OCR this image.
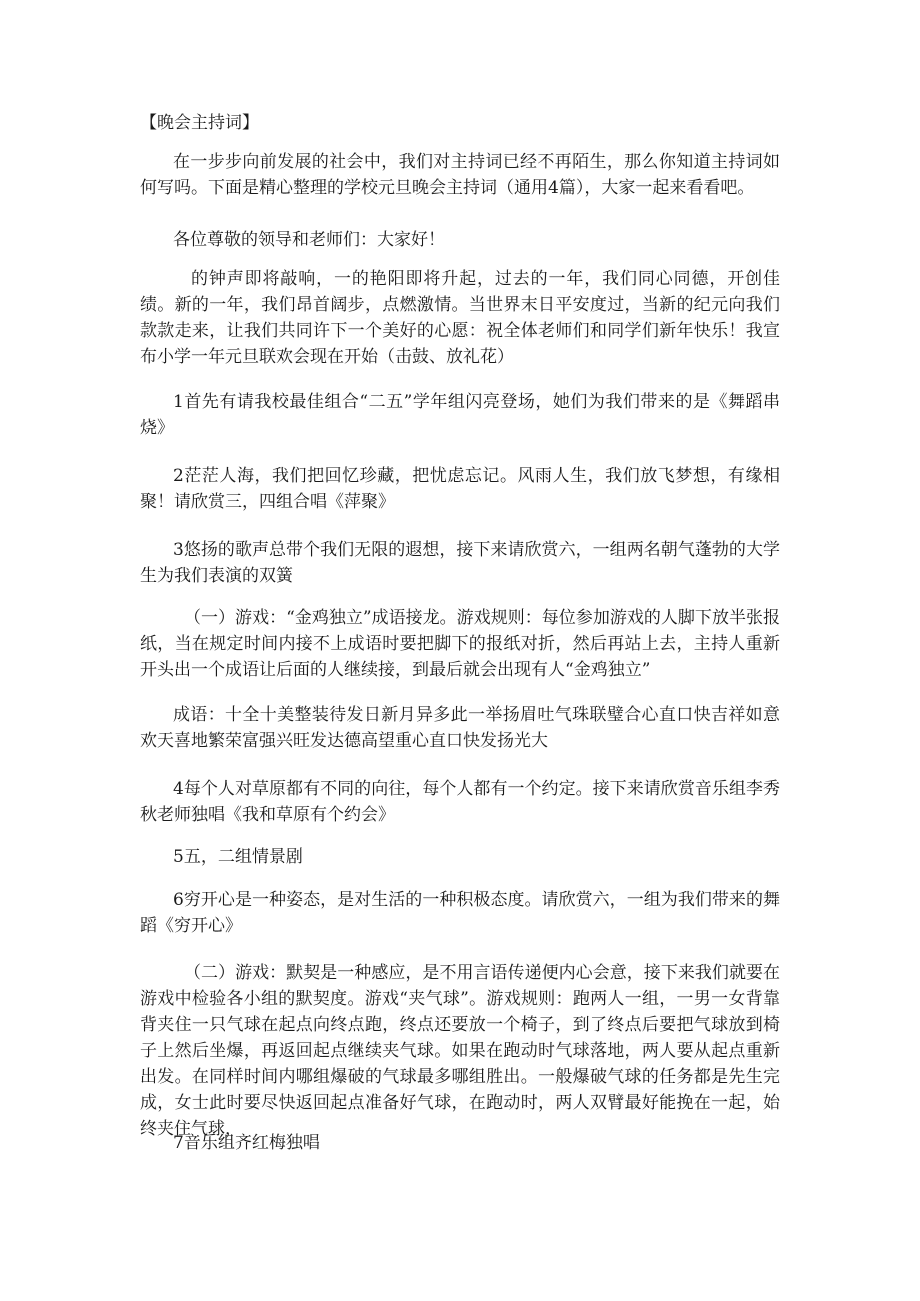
【晚会主持词】

在一步步向前发展的社会中，我们对主持词已经不再陌生，那么你知道主持词如何写吗。下面是精心整理的学校元旦晚会主持词（通用4篇），大家一起来看看吧。

各位尊敬的领导和老师们：大家好！

的钟声即将敲响，一的艳阳即将升起，过去的一年，我们同心同德，开创佳绩。新的一年，我们昂首阔步，点燃激情。当世界末日平安度过，当新的纪元向我们款款走来，让我们共同许下一个美好的心愿：祝全体老师们和同学们新年快乐！我宣布小学一年元旦联欢会现在开始（击鼓、放礼花）

1首先有请我校最佳组合“二五”学年组闪亮登场，她们为我们带来的是《舞蹈串烧》

2茫茫人海，我们把回忆珍藏，把忧虑忘记。风雨人生，我们放飞梦想，有缘相聚！请欣赏三，四组合唱《萍聚》

3悠扬的歌声总带个我们无限的遐想，接下来请欣赏六，一组两名朝气蓬勃的大学生为我们表演的双簧

（一）游戏：“金鸡独立”成语接龙。游戏规则：每位参加游戏的人脚下放半张报纸，当在规定时间内接不上成语时要把脚下的报纸对折，然后再站上去，主持人重新开头出一个成语让后面的人继续接，到最后就会出现有人“金鸡独立”

成语：十全十美整装待发日新月异多此一举扬眉吐气珠联璧合心直口快吉祥如意欢天喜地繁荣富强兴旺发达德高望重心直口快发扬光大

4每个人对草原都有不同的向往，每个人都有一个约定。接下来请欣赏音乐组李秀秋老师独唱《我和草原有个约会》

5五，二组情景剧

6穷开心是一种姿态，是对生活的一种积极态度。请欣赏六，一组为我们带来的舞蹈《穷开心》

（二）游戏：默契是一种感应，是不用言语传递便内心会意，接下来我们就要在游戏中检验各小组的默契度。游戏“夹气球”。游戏规则：跑两人一组，一男一女背靠背夹住一只气球在起点向终点跑，终点还要放一个椅子，到了终点后要把气球放到椅子上然后坐爆，再返回起点继续夹气球。如果在跑动时气球落地，两人要从起点重新出发。在同样时间内哪组爆破的气球最多哪组胜出。一般爆破气球的任务都是先生完成，女士此时要尽快返回起点准备好气球，在跑动时，两人双臂最好能挽在一起，始终夹住气球，

7音乐组齐红梅独唱
